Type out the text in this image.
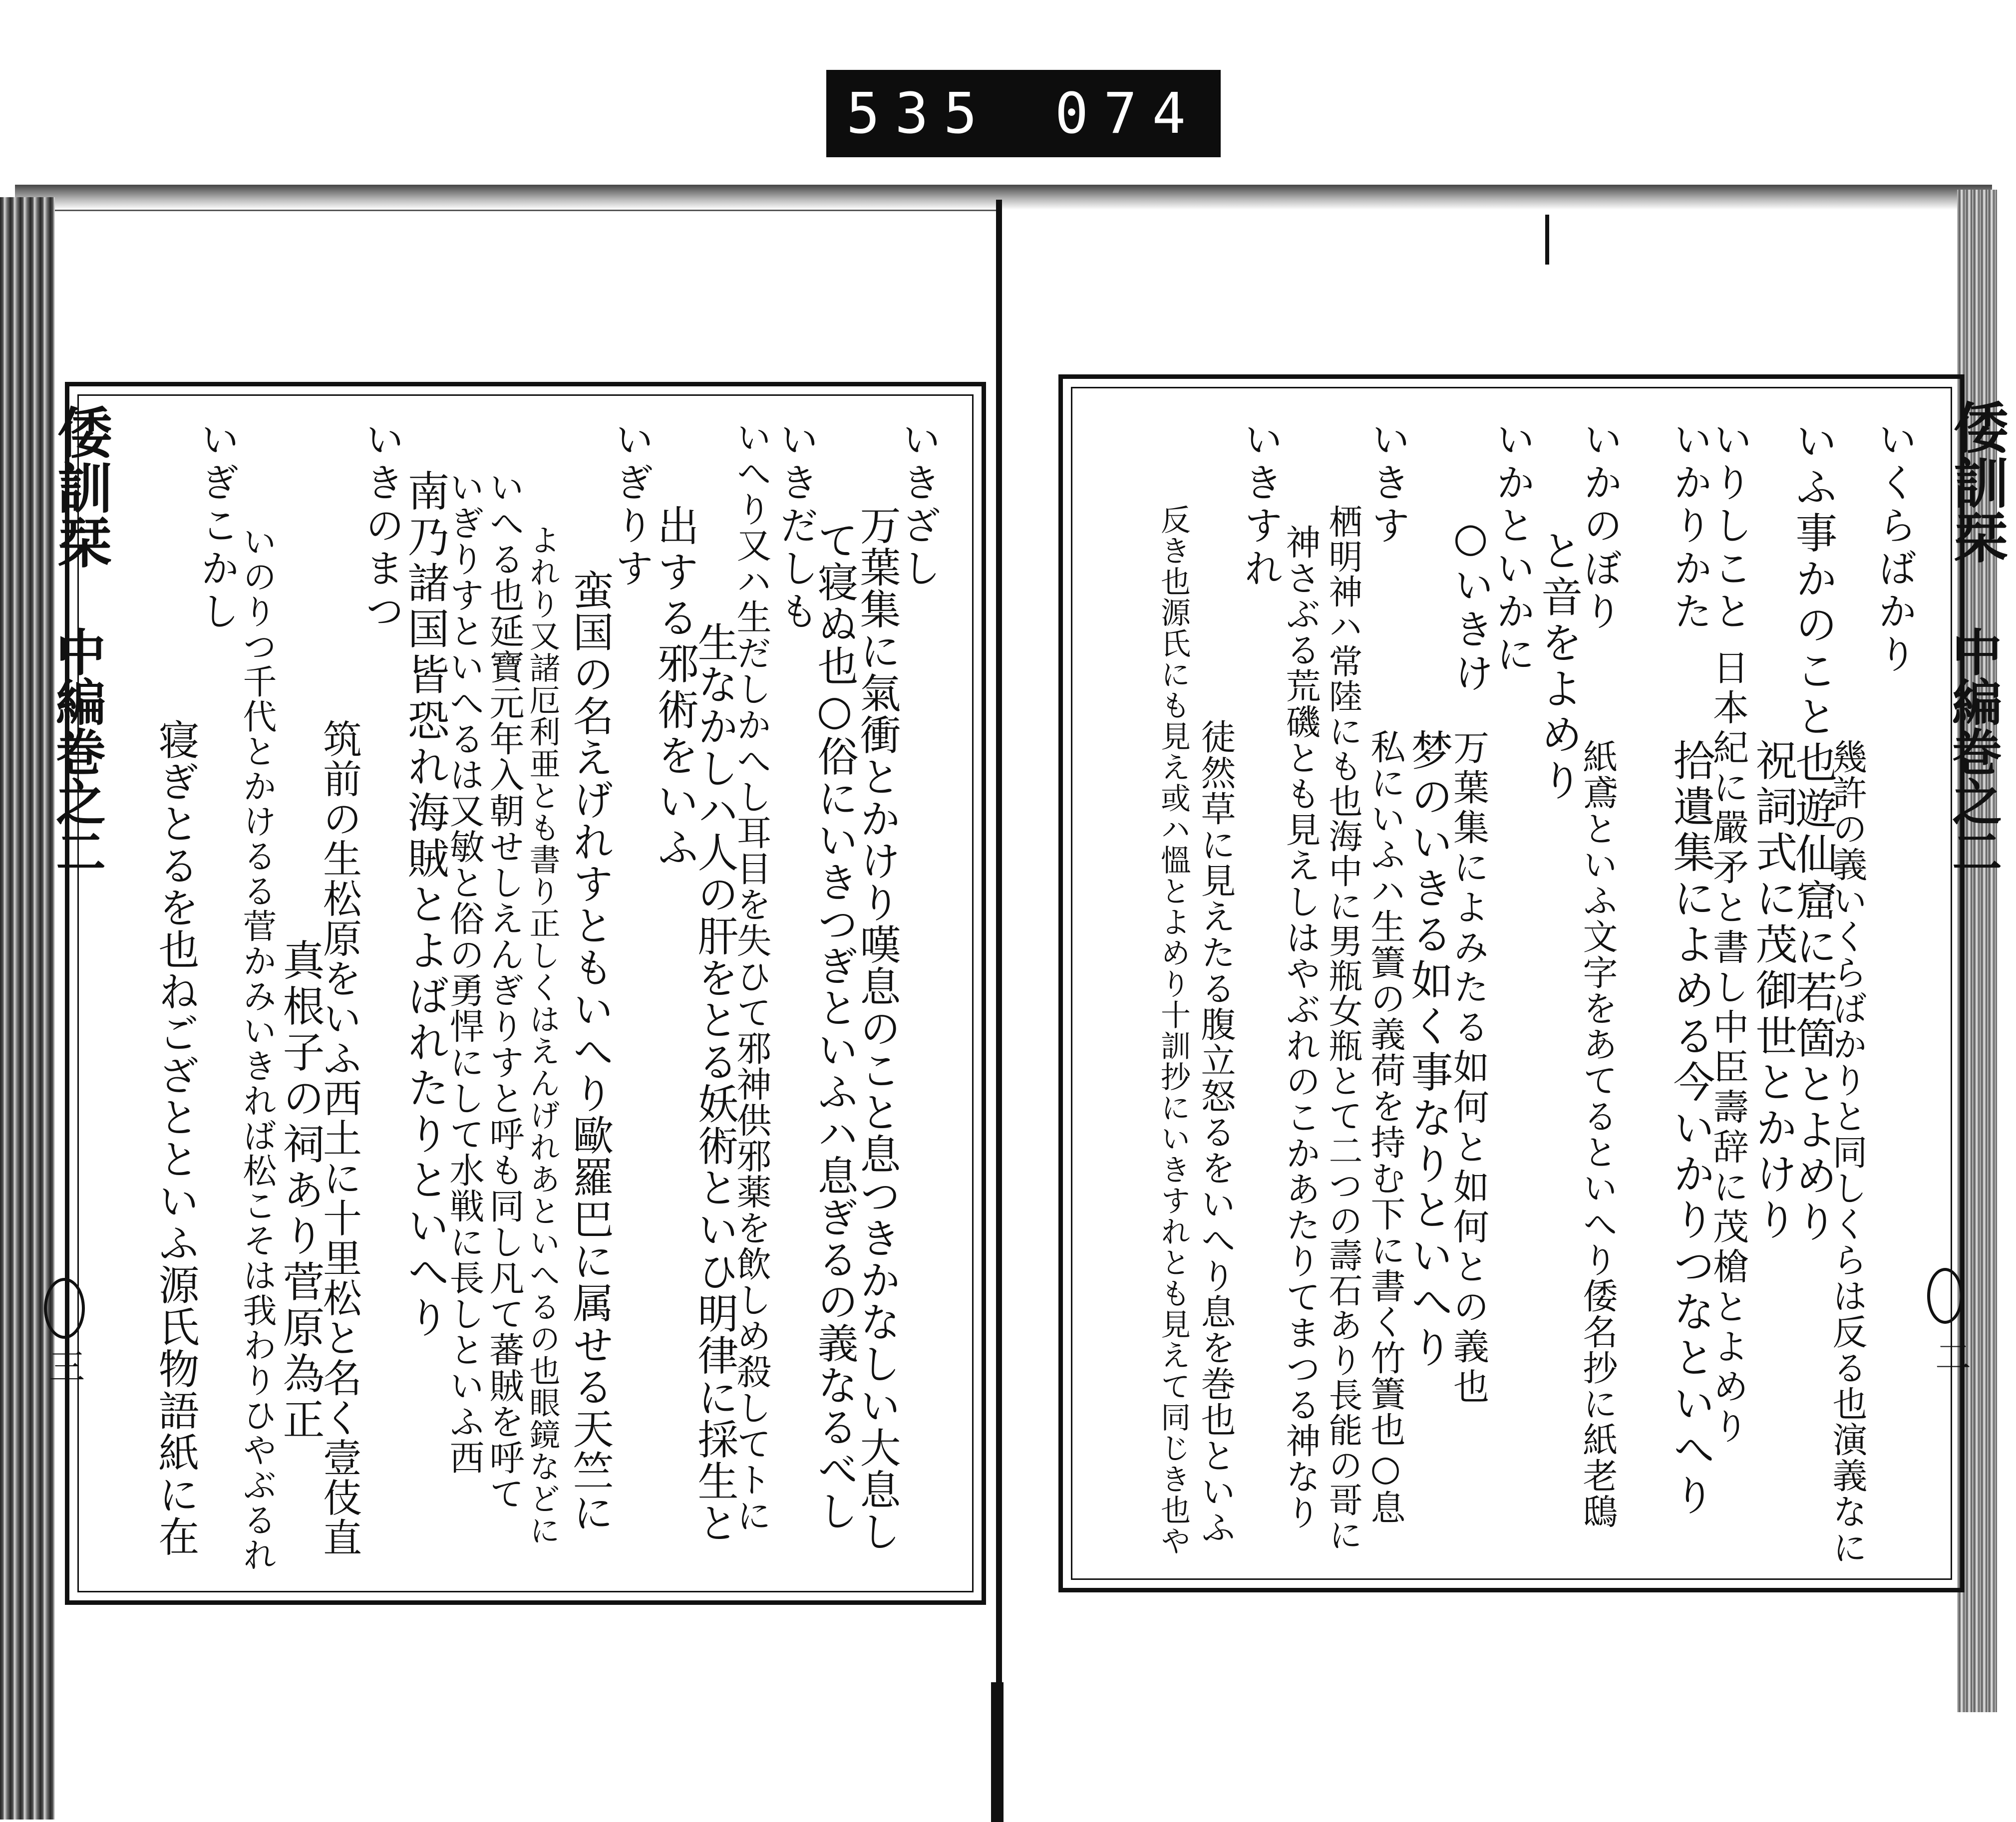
535 074
倭訓栞
中編巻之二
三
いきざし
万葉集に氣衝とかけり嘆息のこと息つきかなしい大息し
て寝ぬ也○俗にいきつぎといふハ息ぎるの義なるべし
いきだしも
いへり又ハ生だしかへし耳目を失ひて邪神供邪薬を飲しめ殺してトに
生なかしハ人の肝をとる妖術といひ明律に採生と
出する邪術をいふ
いぎりす
蛮国の名えげれすともいへり歐羅巴に属せる天竺に
よれり又諸厄利亜とも書り正しくはえんげれあといへるの也眼鏡などに
いへる也延寶元年入朝せしえんぎりすと呼も同し凡て蕃賊を呼て
いぎりすといへるは又敏と俗の勇悍にして水戦に長しといふ西
南乃諸国皆恐れ海賊とよばれたりといへり
いきのまつ
筑前の生松原をいふ西土に十里松と名く壹伎直
真根子の祠あり菅原為正
いのりつ千代とかけるる菅かみいきれば松こそは我わりひやぶるれ
いぎこかし
寝ぎとるを也ねござとといふ源氏物語紙に在
倭訓栞
中編巻之二
二
いくらばかり
幾許の義いくらばかりと同しくらは反る也演義なに
いふ事かのこと也遊仙窟に若箇とよめり
祝詞式に茂御世とかけり
いりしこと
日本紀に嚴矛と書し中臣壽辞に茂槍とよめり
いかりかた
拾遺集によめる今いかりつなといへり
いかのぼり
紙鳶といふ文字をあてるといへり倭名抄に紙老鴟
と音をよめり
いかといかに
万葉集によみたる如何と如何との義也
○いきけ
梦のいきる如く事なりといへり
いきす
私にいふハ生簀の義荷を持む下に書く竹簀也○息
栖明神ハ常陸にも也海中に男瓶女瓶とて二つの壽石あり長能の哥に
神さぶる荒磯とも見えしはやぶれのこかあたりてまつる神なり
いきすれ
徒然草に見えたる腹立怒るをいへり息を巻也といふ
反き也源氏にも見え或ハ慍とよめり十訓抄にいきすれとも見えて同じき也や
